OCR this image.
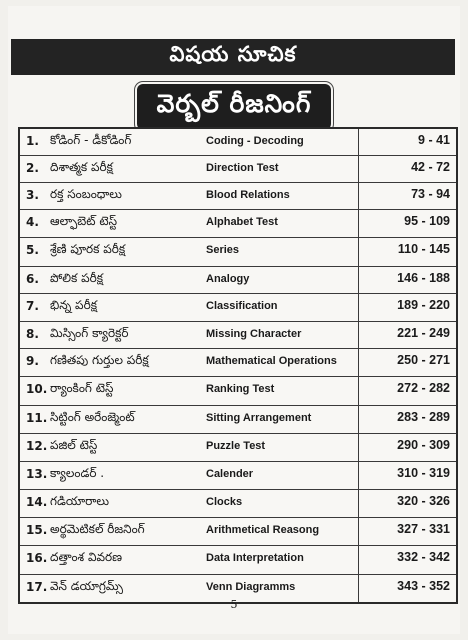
విషయ సూచిక
వెర్బల్ రీజనింగ్
1. కోడింగ్ - డీకోడింగ్	Coding - Decoding	9 - 41
2. దిశాత్మక పరీక్ష	Direction Test	42 - 72
3. రక్త సంబంధాలు	Blood Relations	73 - 94
4. ఆల్ఫాబెట్ టెస్ట్	Alphabet Test	95 - 109
5. శ్రేణి పూరక పరీక్ష	Series	110 - 145
6. పోలిక పరీక్ష	Analogy	146 - 188
7. భిన్న పరీక్ష	Classification	189 - 220
8. మిస్సింగ్ క్యారెక్టర్	Missing Character	221 - 249
9. గణితపు గుర్తుల పరీక్ష	Mathematical Operations	250 - 271
10. ర్యాంకింగ్ టెస్ట్	Ranking Test	272 - 282
11. సిట్టింగ్ అరేంజ్మెంట్	Sitting Arrangement	283 - 289
12. పజిల్ టెస్ట్	Puzzle Test	290 - 309
13. క్యాలండర్ .	Calender	310 - 319
14. గడియారాలు	Clocks	320 - 326
15. అర్థమెటికల్ రీజనింగ్	Arithmetical Reasong	327 - 331
16. దత్తాంశ వివరణ	Data Interpretation	332 - 342
17. వెన్ డయాగ్రమ్స్	Venn Diagramms	343 - 352
5
